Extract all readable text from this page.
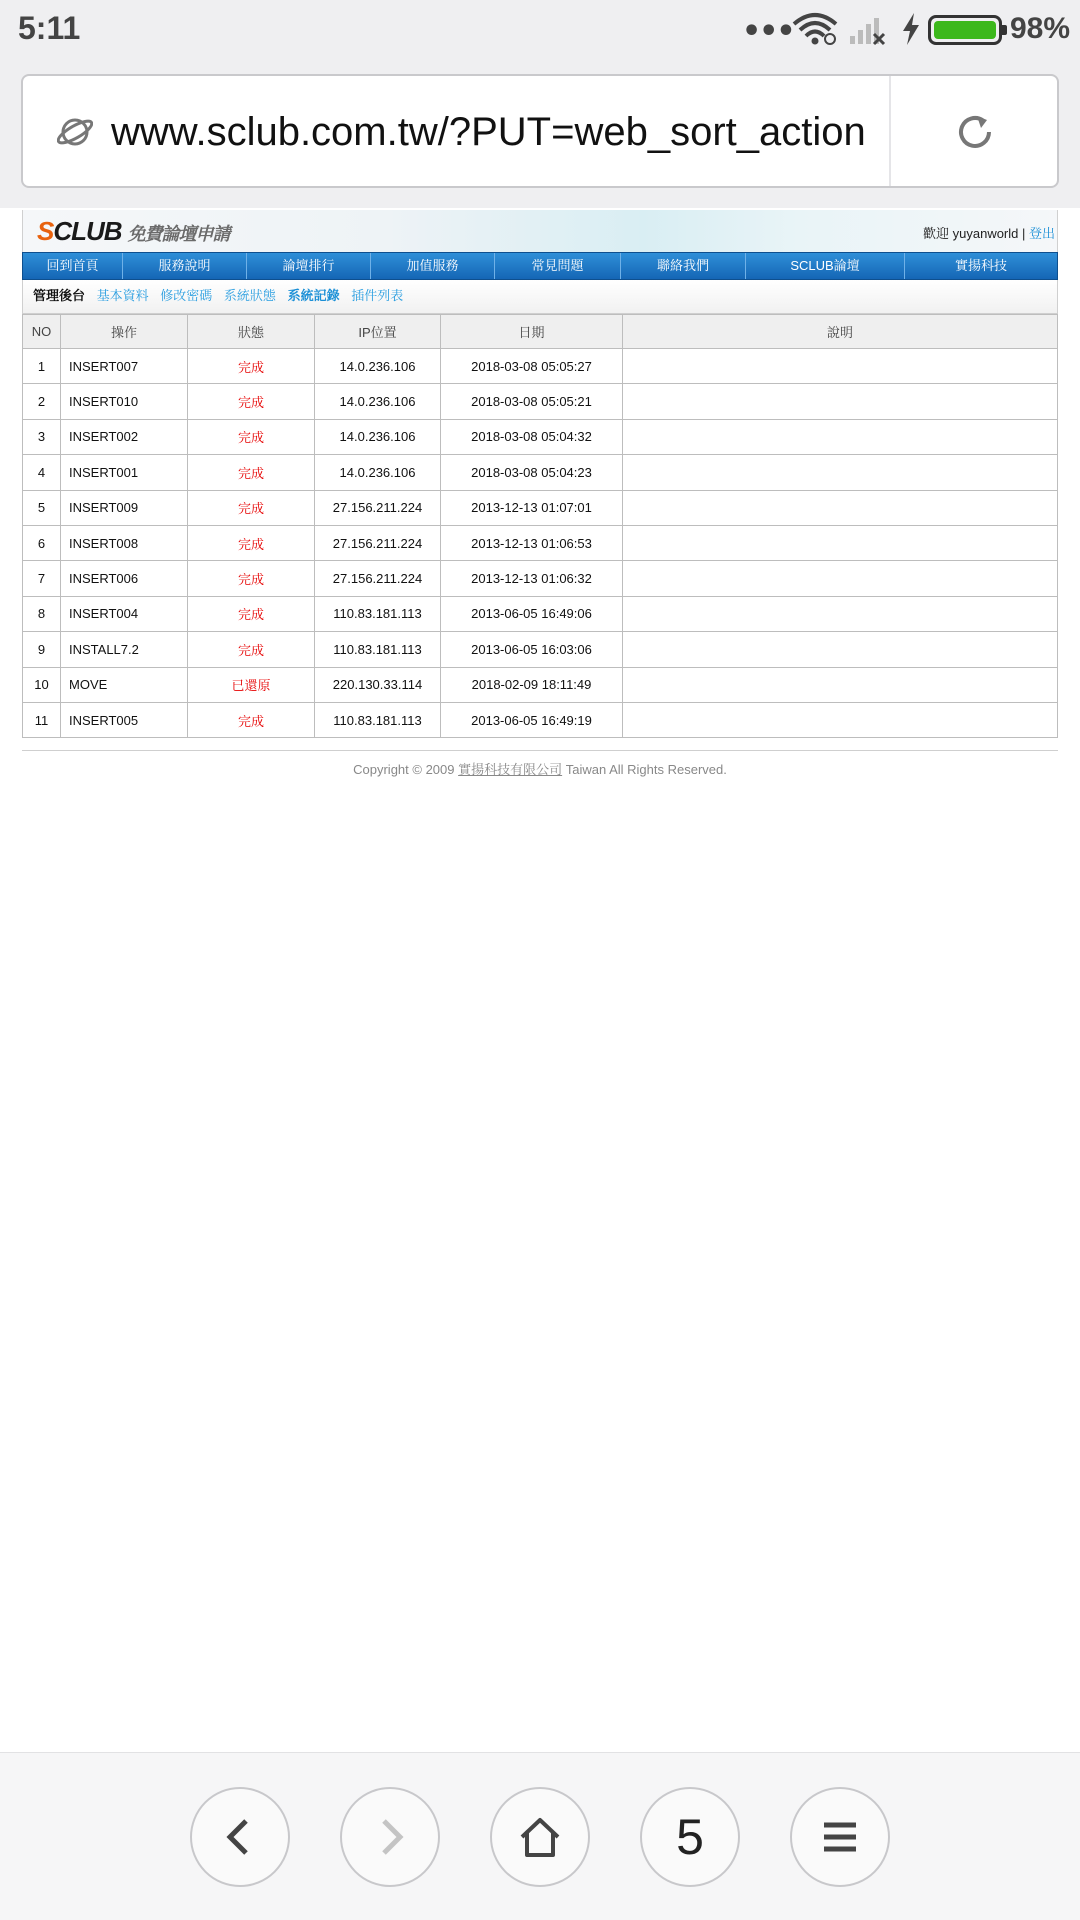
5:11	•••	98%
www.sclub.com.tw/?PUT=web_sort_action
SCLUB 免費論壇申請	歡迎 yuyanworld | 登出
回到首頁	服務說明	論壇排行	加值服務	常見問題	聯絡我們	SCLUB論壇	實揚科技
管理後台 基本資料 修改密碼 系統狀態 系統記錄 插件列表
NO	操作	狀態	IP位置	日期	說明
1	INSERT007	完成	14.0.236.106	2018-03-08 05:05:27	
2	INSERT010	完成	14.0.236.106	2018-03-08 05:05:21	
3	INSERT002	完成	14.0.236.106	2018-03-08 05:04:32	
4	INSERT001	完成	14.0.236.106	2018-03-08 05:04:23	
5	INSERT009	完成	27.156.211.224	2013-12-13 01:07:01	
6	INSERT008	完成	27.156.211.224	2013-12-13 01:06:53	
7	INSERT006	完成	27.156.211.224	2013-12-13 01:06:32	
8	INSERT004	完成	110.83.181.113	2013-06-05 16:49:06	
9	INSTALL7.2	完成	110.83.181.113	2013-06-05 16:03:06	
10	MOVE	已還原	220.130.33.114	2018-02-09 18:11:49	
11	INSERT005	完成	110.83.181.113	2013-06-05 16:49:19	
Copyright © 2009 實揚科技有限公司 Taiwan All Rights Reserved.
5
